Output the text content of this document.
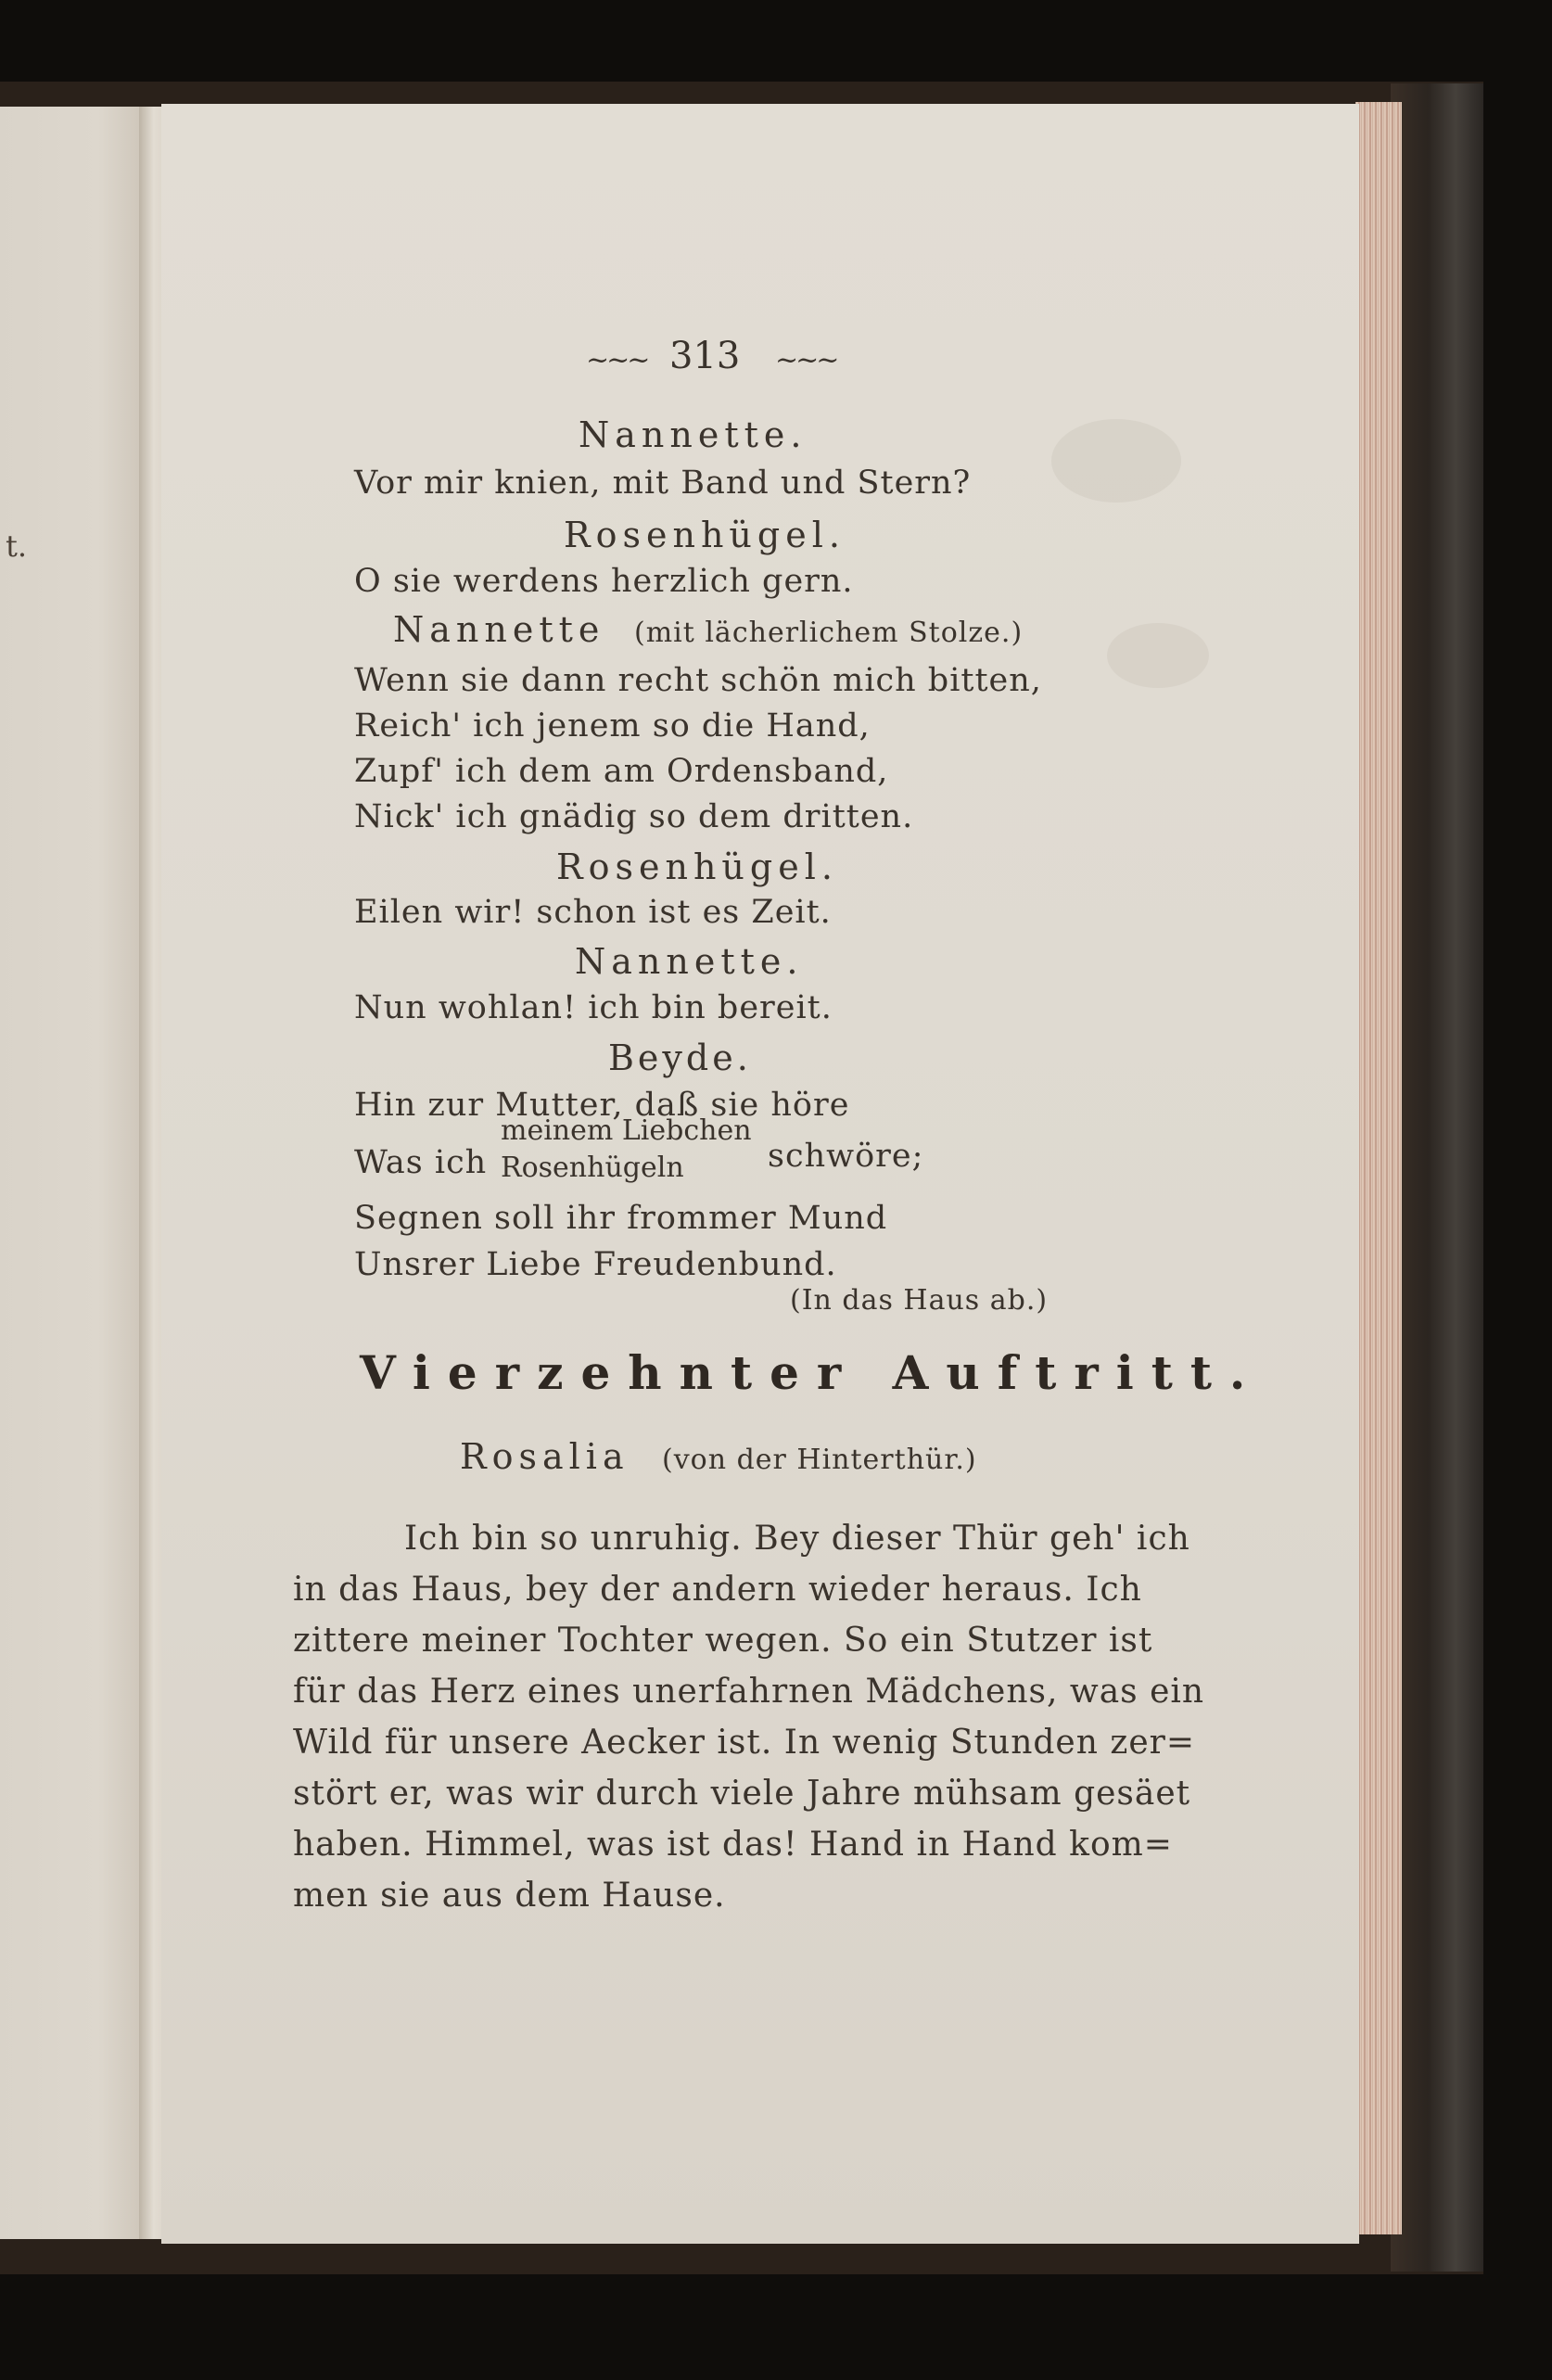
t.
~~~ 313 ~~~
Nannette.
Vor mir knien, mit Band und Stern?
Rosenhügel.
O sie werdens herzlich gern.
Nannette (mit lächerlichem Stolze.)
Wenn sie dann recht schön mich bitten,
Reich' ich jenem so die Hand,
Zupf' ich dem am Ordensband,
Nick' ich gnädig so dem dritten.
Rosenhügel.
Eilen wir! schon ist es Zeit.
Nannette.
Nun wohlan! ich bin bereit.
Beyde.
Hin zur Mutter, daß sie höre
Was ich
meinem Liebchen
Rosenhügeln	schwöre;
Segnen soll ihr frommer Mund
Unsrer Liebe Freudenbund.
(In das Haus ab.)
Vierzehnter Auftritt.
Rosalia (von der Hinterthür.)
Ich bin so unruhig. Bey dieser Thür geh' ich
in das Haus, bey der andern wieder heraus. Ich
zittere meiner Tochter wegen. So ein Stutzer ist
für das Herz eines unerfahrnen Mädchens, was ein
Wild für unsere Aecker ist. In wenig Stunden zer=
stört er, was wir durch viele Jahre mühsam gesäet
haben. Himmel, was ist das! Hand in Hand kom=
men sie aus dem Hause.
